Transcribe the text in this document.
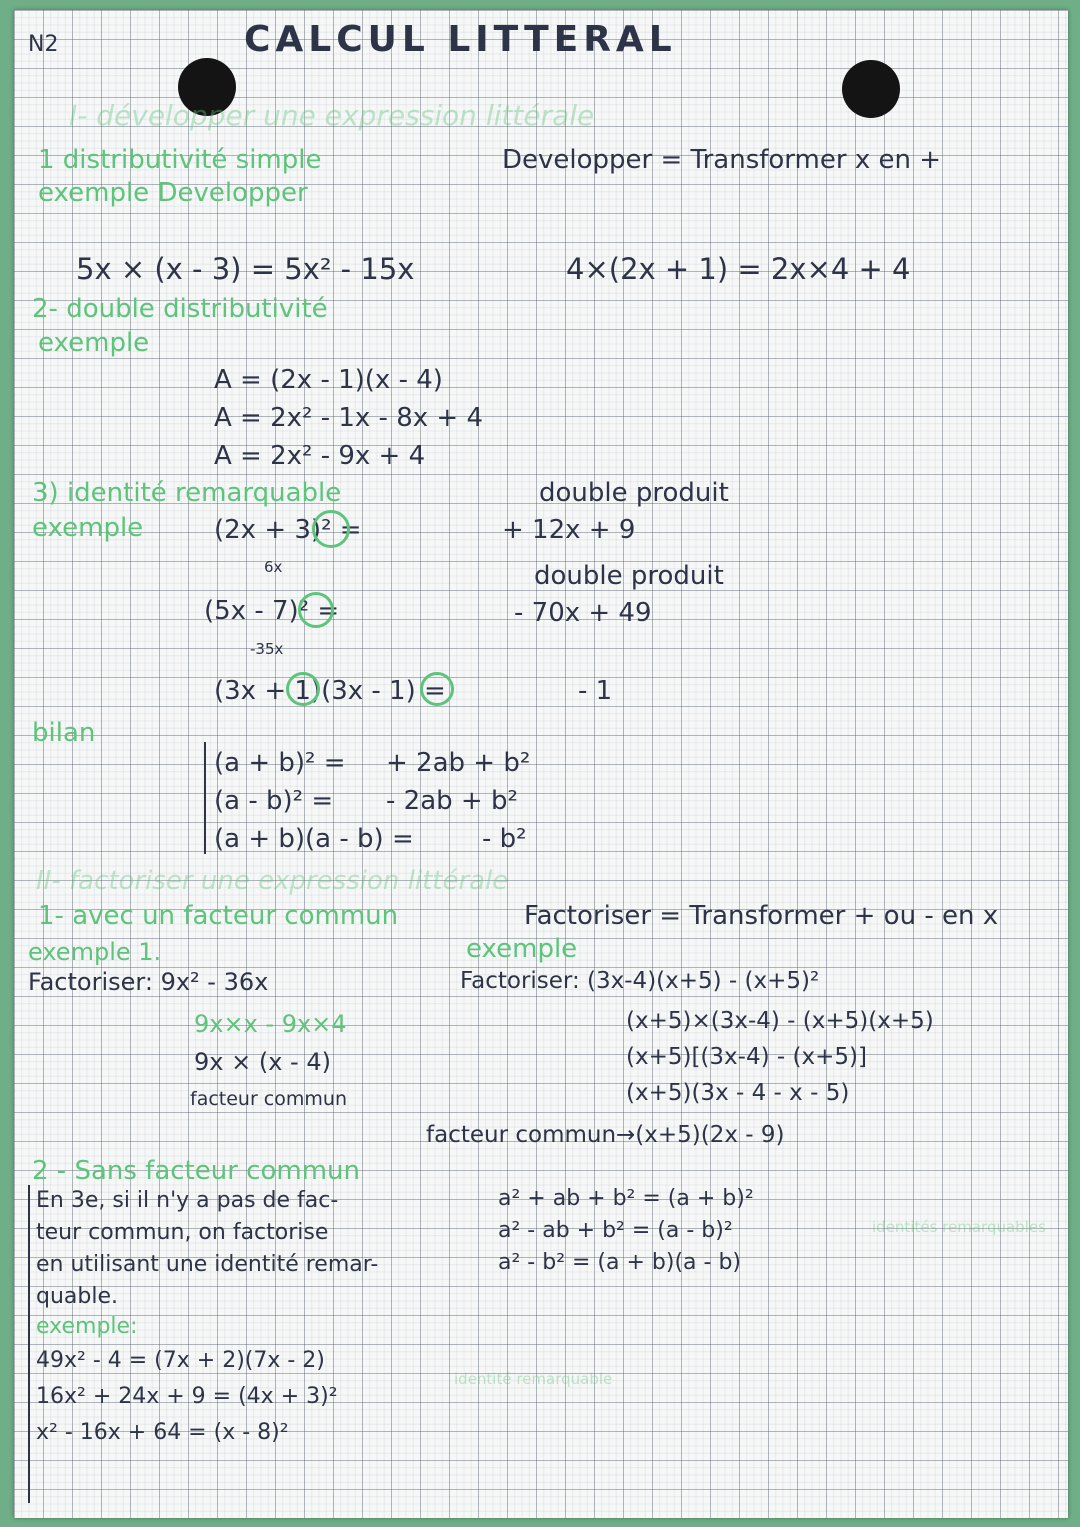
N2	CALCUL LITTERAL
I- développer une expression littérale
1 distributivité simple	Developper = Transformer x en +
exemple Developper
5x × (x - 3) = 5x² - 15x	4×(2x + 1) = 2x×4 + 4
2- double distributivité
exemple
A = (2x - 1)(x - 4)
A = 2x² - 1x - 8x + 4
A = 2x² - 9x + 4
3) identité remarquable
exemple	(2x + 3)² =
double produit
+ 12x + 9
6x	double produit
(5x - 7)² =	- 70x + 49
-35x
(3x + 1)(3x - 1) =	- 1
bilan
(a + b)² = + 2ab + b²
(a - b)² = - 2ab + b²
(a + b)(a - b) =	- b²
II- factoriser une expression littérale
1- avec un facteur commun	Factoriser = Transformer + ou - en x
exemple 1.	exemple
Factoriser: 9x² - 36x
9x×x - 9x×4
9x × (x - 4)
facteur commun
Factoriser: (3x-4)(x+5) - (x+5)²
(x+5)×(3x-4) - (x+5)(x+5)
(x+5)[(3x-4) - (x+5)]
(x+5)(3x - 4 - x - 5)
facteur commun→(x+5)(2x - 9)
2 - Sans facteur commun
En 3e, si il n'y a pas de fac-
teur commun, on factorise
en utilisant une identité remar-
quable.
a² + ab + b² = (a + b)²
a² - ab + b² = (a - b)²
a² - b² = (a + b)(a - b)
identités remarquables
exemple:
49x² - 4 = (7x + 2)(7x - 2)
16x² + 24x + 9 = (4x + 3)²
x² - 16x + 64 = (x - 8)²
identité remarquable
